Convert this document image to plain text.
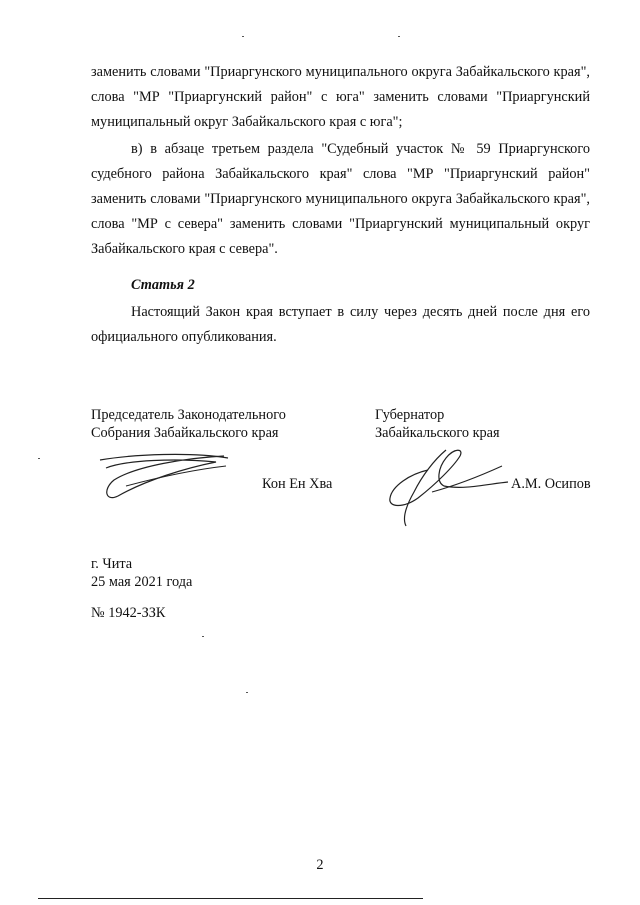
заменить словами "Приаргунского муниципального округа Забайкальского края", слова "МР "Приаргунский район" с юга" заменить словами "Приаргунский муниципальный округ Забайкальского края с юга";

в) в абзаце третьем раздела "Судебный участок № 59 Приаргунского судебного района Забайкальского края" слова "МР "Приаргунский район" заменить словами "Приаргунского муниципального округа Забайкальского края", слова "МР с севера" заменить словами "Приаргунский муниципальный округ Забайкальского края с севера".

Статья 2

Настоящий Закон края вступает в силу через десять дней после дня его официального опубликования.

Председатель Законодательного
Собрания Забайкальского края
Губернатор
Забайкальского края
Кон Ен Хва	А.М. Осипов
г. Чита
25 мая 2021 года
№ 1942-ЗЗК
2
